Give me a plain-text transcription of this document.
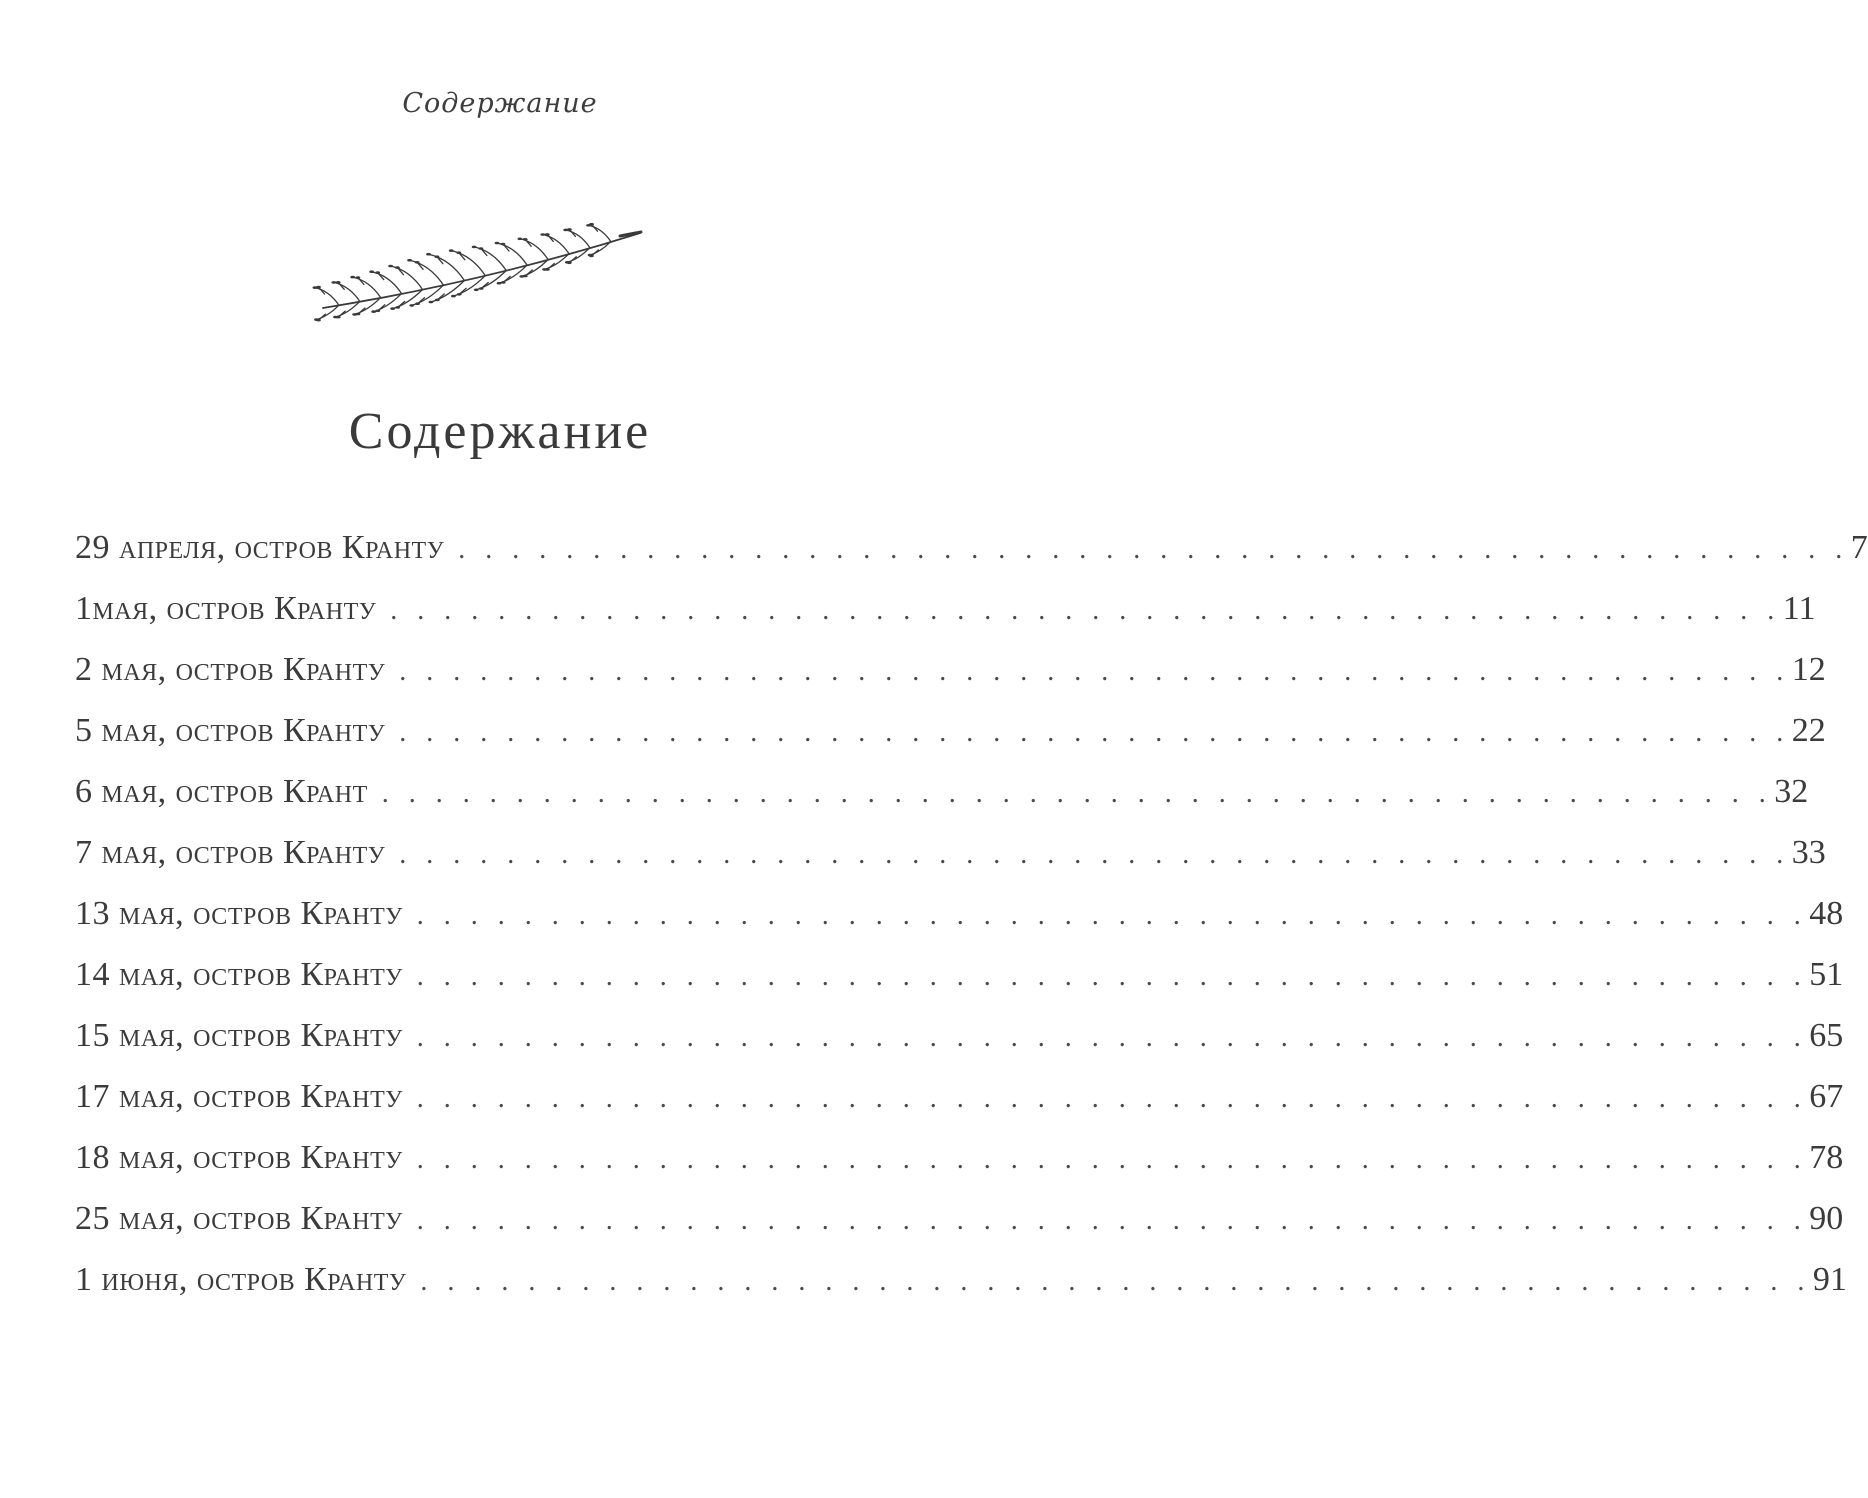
Содержание
Содержание
29 апреля, остров Кранту . . . . . . . . . . . . . . . . . . . . . . . . . . . . . . . . . . . . . . . . . . . . . . . . . . . . 7
1мая, остров Кранту . . . . . . . . . . . . . . . . . . . . . . . . . . . . . . . . . . . . . . . . . . . . . . . . . . . . 11
2 мая, остров Кранту . . . . . . . . . . . . . . . . . . . . . . . . . . . . . . . . . . . . . . . . . . . . . . . . . . . . 12
5 мая, остров Кранту . . . . . . . . . . . . . . . . . . . . . . . . . . . . . . . . . . . . . . . . . . . . . . . . . . . . 22
6 мая, остров Крант . . . . . . . . . . . . . . . . . . . . . . . . . . . . . . . . . . . . . . . . . . . . . . . . . . . . 32
7 мая, остров Кранту . . . . . . . . . . . . . . . . . . . . . . . . . . . . . . . . . . . . . . . . . . . . . . . . . . . . 33
13 мая, остров Кранту . . . . . . . . . . . . . . . . . . . . . . . . . . . . . . . . . . . . . . . . . . . . . . . . . . . . 48
14 мая, остров Кранту . . . . . . . . . . . . . . . . . . . . . . . . . . . . . . . . . . . . . . . . . . . . . . . . . . . . 51
15 мая, остров Кранту . . . . . . . . . . . . . . . . . . . . . . . . . . . . . . . . . . . . . . . . . . . . . . . . . . . . 65
17 мая, остров Кранту . . . . . . . . . . . . . . . . . . . . . . . . . . . . . . . . . . . . . . . . . . . . . . . . . . . . 67
18 мая, остров Кранту . . . . . . . . . . . . . . . . . . . . . . . . . . . . . . . . . . . . . . . . . . . . . . . . . . . . 78
25 мая, остров Кранту . . . . . . . . . . . . . . . . . . . . . . . . . . . . . . . . . . . . . . . . . . . . . . . . . . . . 90
1 июня, остров Кранту . . . . . . . . . . . . . . . . . . . . . . . . . . . . . . . . . . . . . . . . . . . . . . . . . . . . 91
